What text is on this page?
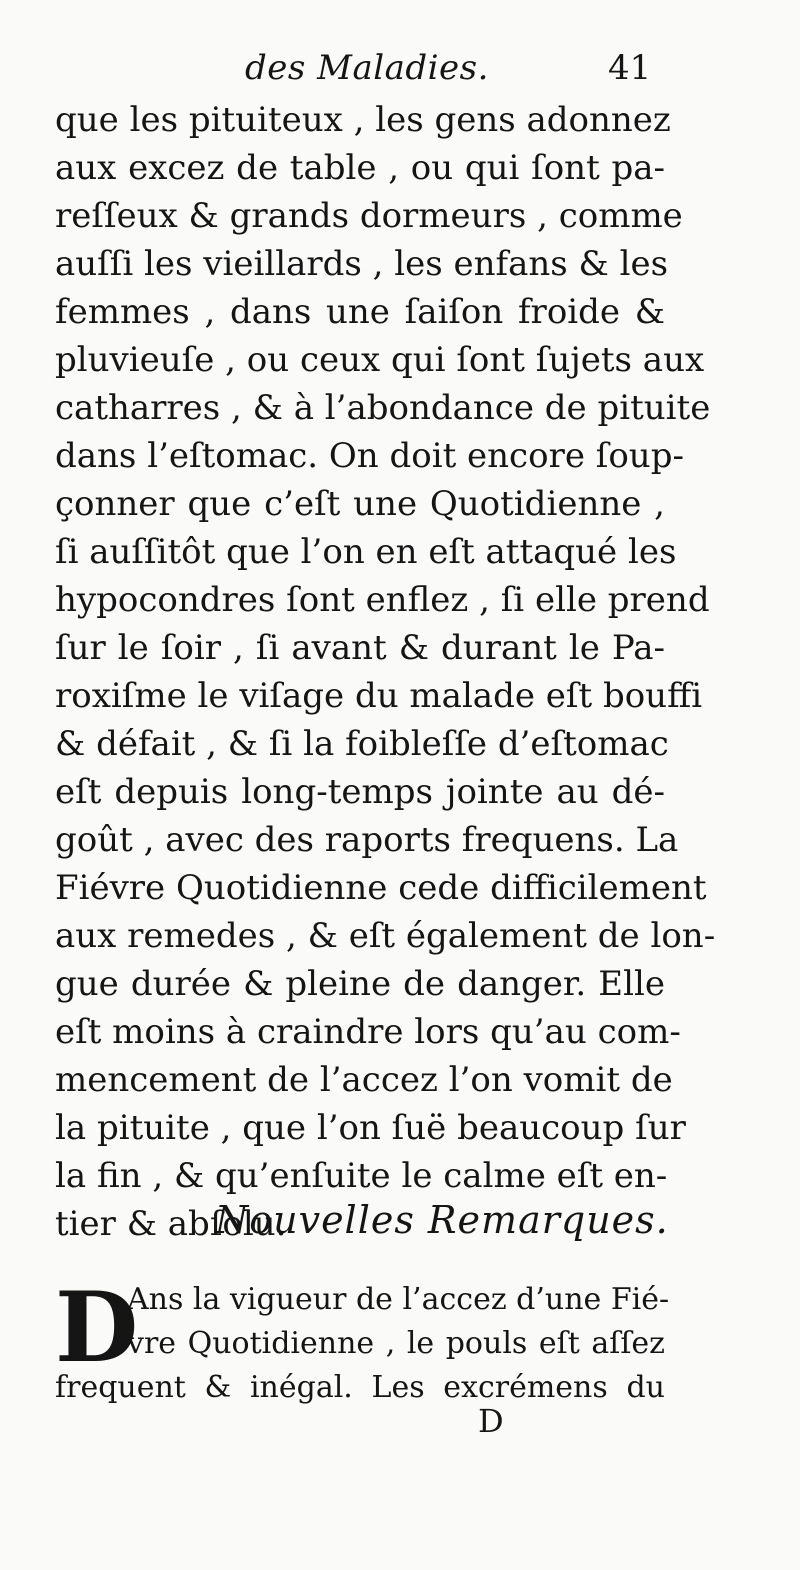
des Maladies.	41
que les pituiteux , les gens adonnez
aux excez de table , ou qui ſont pa-
reſſeux & grands dormeurs , comme
auſſi les vieillards , les enfans & les
femmes , dans une ſaiſon froide &
pluvieuſe , ou ceux qui ſont ſujets aux
catharres , & à l’abondance de pituite
dans l’eſtomac. On doit encore ſoup-
çonner que c’eſt une Quotidienne ,
ſi auſſitôt que l’on en eſt attaqué les
hypocondres ſont enflez , ſi elle prend
ſur le ſoir , ſi avant & durant le Pa-
roxiſme le viſage du malade eſt bouffi
& défait , & ſi la foibleſſe d’eſtomac
eſt depuis long-temps jointe au dé-
goût , avec des raports frequens. La
Fiévre Quotidienne cede difficilement
aux remedes , & eſt également de lon-
gue durée & pleine de danger. Elle
eſt moins à craindre lors qu’au com-
mencement de l’accez l’on vomit de
la pituite , que l’on ſuë beaucoup ſur
la fin , & qu’enſuite le calme eſt en-
tier & abſolu.
Nouvelles Remarques.
D
Ans la vigueur de l’accez d’une Fié-
vre Quotidienne , le pouls eſt aſſez
frequent & inégal. Les excrémens du
D
